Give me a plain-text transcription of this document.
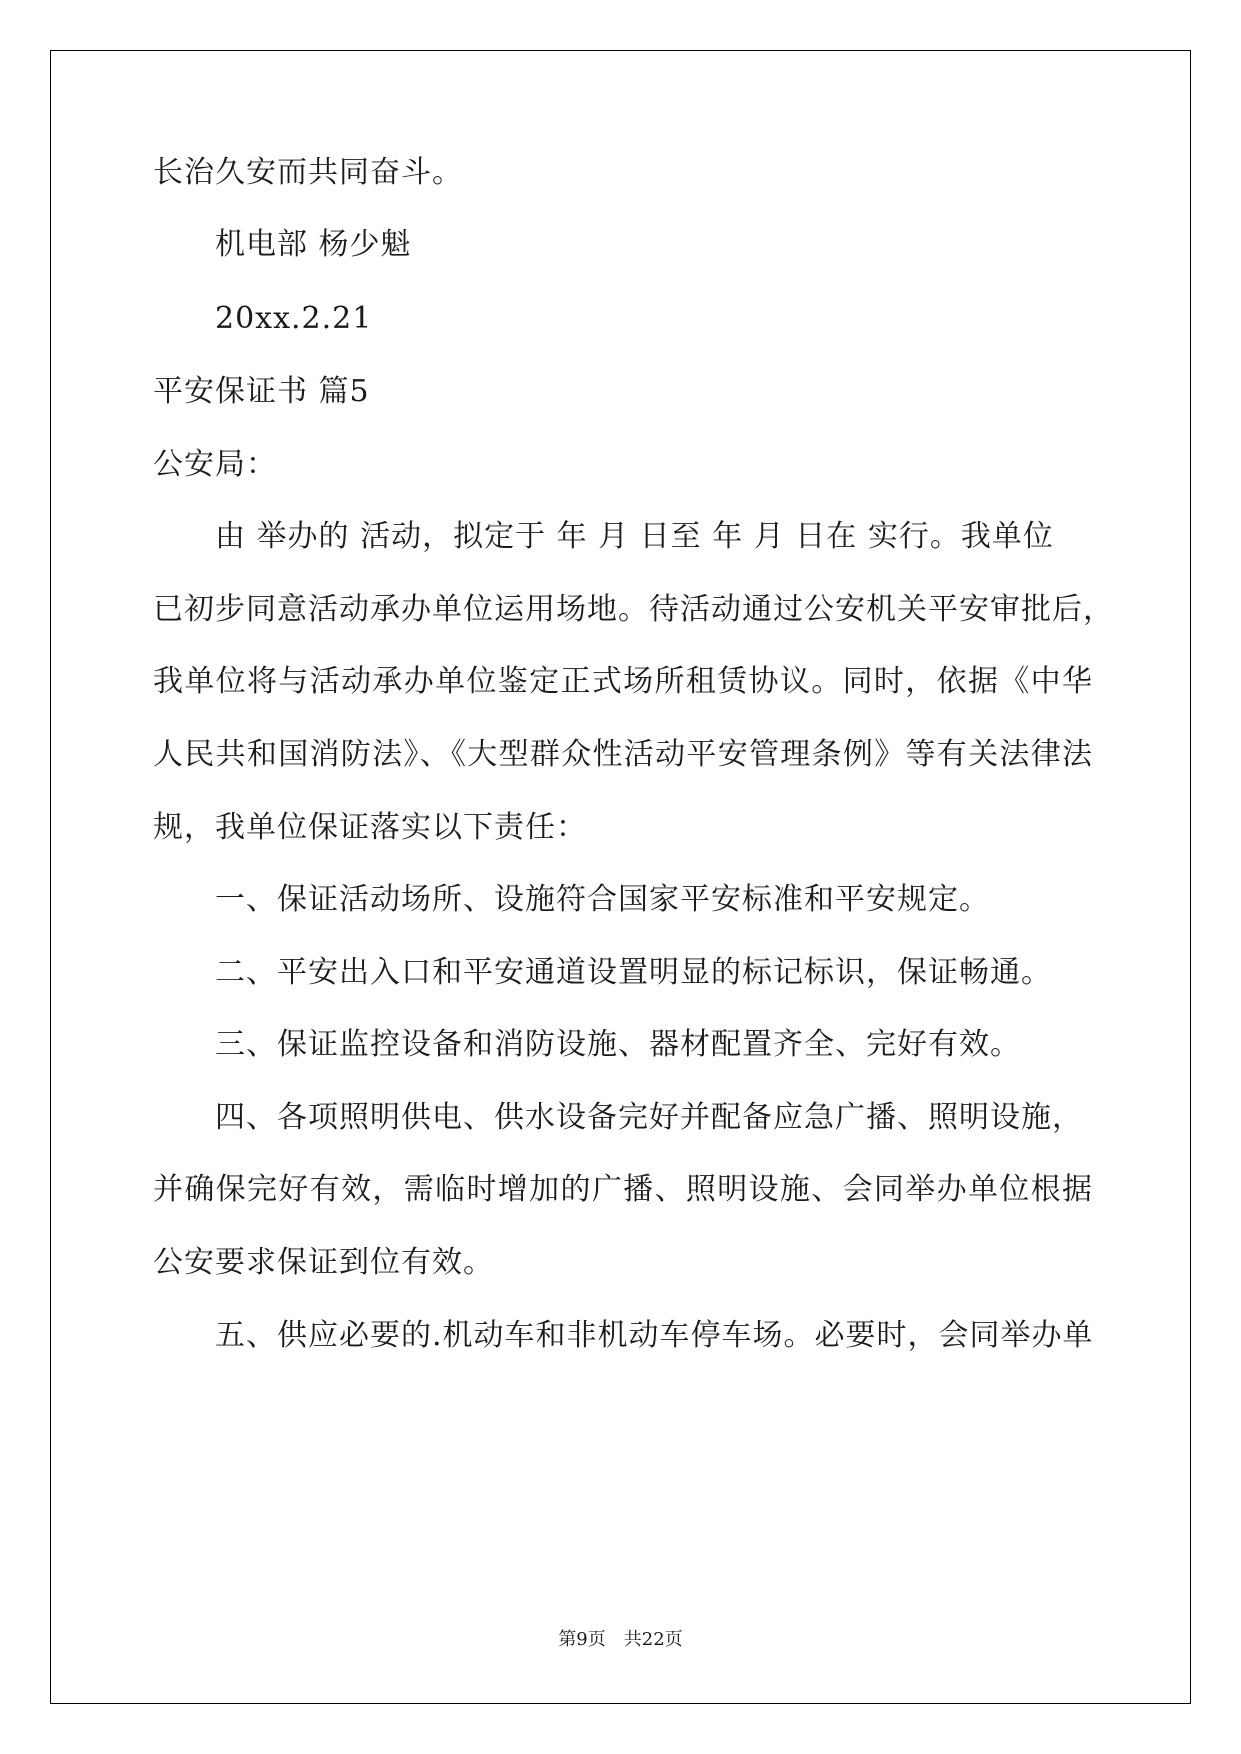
长治久安而共同奋斗。

机电部 杨少魁

20xx.2.21

平安保证书 篇5

公安局：

由 举办的 活动，拟定于 年 月 日至 年 月 日在 实行。我单位

已初步同意活动承办单位运用场地。待活动通过公安机关平安审批后，

我单位将与活动承办单位鉴定正式场所租赁协议。同时，依据《中华

人民共和国消防法》、《大型群众性活动平安管理条例》等有关法律法

规，我单位保证落实以下责任：

一、保证活动场所、设施符合国家平安标准和平安规定。

二、平安出入口和平安通道设置明显的标记标识，保证畅通。

三、保证监控设备和消防设施、器材配置齐全、完好有效。

四、各项照明供电、供水设备完好并配备应急广播、照明设施，

并确保完好有效，需临时增加的广播、照明设施、会同举办单位根据

公安要求保证到位有效。

五、供应必要的.机动车和非机动车停车场。必要时，会同举办单

第9页　共22页
